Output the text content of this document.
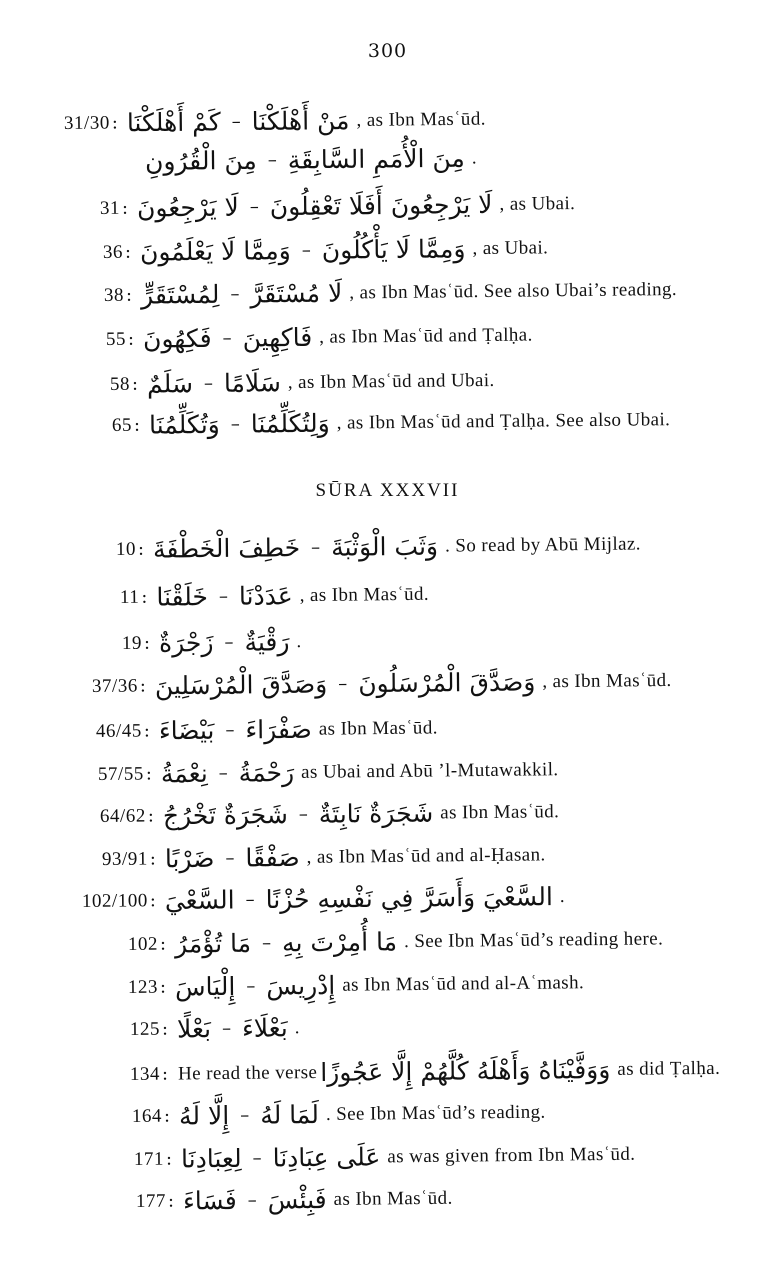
300
31/30 : كَمْ أَهْلَكْنَا – مَنْ أَهْلَكْنَا , as Ibn Masʿūd.
مِنَ الْقُرُونِ – مِنَ الْأُمَمِ السَّابِقَةِ .
31 : لَا يَرْجِعُونَ – لَا يَرْجِعُونَ أَفَلَا تَعْقِلُونَ , as Ubai.
36 : وَمِمَّا لَا يَعْلَمُونَ – وَمِمَّا لَا يَأْكُلُونَ , as Ubai.
38 : لِمُسْتَقَرٍّ – لَا مُسْتَقَرَّ , as Ibn Masʿūd. See also Ubai’s reading.
55 : فَكِهُونَ – فَاكِهِينَ , as Ibn Masʿūd and Ṭalḥa.
58 : سَلَمٌ – سَلَامًا , as Ibn Masʿūd and Ubai.
65 : وَتُكَلِّمُنَا – وَلِتُكَلِّمُنَا , as Ibn Masʿūd and Ṭalḥa. See also Ubai.
SŪRA XXXVII
10 : خَطِفَ الْخَطْفَةَ – وَثَبَ الْوَثْبَةَ . So read by Abū Mijlaz.
11 : خَلَقْنَا – عَدَدْنَا , as Ibn Masʿūd.
19 : زَجْرَةٌ – رَقْيَةٌ .
37/36 : وَصَدَّقَ الْمُرْسَلِينَ – وَصَدَّقَ الْمُرْسَلُونَ , as Ibn Masʿūd.
46/45 : بَيْضَاءَ – صَفْرَاءَ as Ibn Masʿūd.
57/55 : نِعْمَةُ – رَحْمَةُ as Ubai and Abū ’l-Mutawakkil.
64/62 : شَجَرَةٌ تَخْرُجُ – شَجَرَةٌ نَابِتَةٌ as Ibn Masʿūd.
93/91 : ضَرْبًا – صَفْقًا , as Ibn Masʿūd and al-Ḥasan.
102/100 : السَّعْيَ – السَّعْيَ وَأَسَرَّ فِي نَفْسِهِ حُزْنًا .
102 : مَا تُؤْمَرُ – مَا أُمِرْتَ بِهِ . See Ibn Masʿūd’s reading here.
123 : إِلْيَاسَ – إِدْرِيسَ as Ibn Masʿūd and al-Aʿmash.
125 : بَعْلًا – بَعْلَاءَ .
134 : He read the verse وَوَفَّيْنَاهُ وَأَهْلَهُ كُلَّهُمْ إِلَّا عَجُوزًا as did Ṭalḥa.
164 : إِلَّا لَهُ – لَمَا لَهُ . See Ibn Masʿūd’s reading.
171 : لِعِبَادِنَا – عَلَى عِبَادِنَا as was given from Ibn Masʿūd.
177 : فَسَاءَ – فَبِئْسَ as Ibn Masʿūd.
